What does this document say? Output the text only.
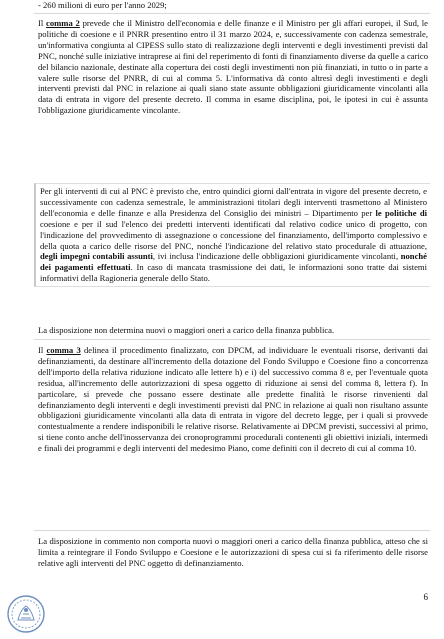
- 260 milioni di euro per l'anno 2029;
Il comma 2 prevede che il Ministro dell'economia e delle finanze e il Ministro per gli affari europei, il Sud, le politiche di coesione e il PNRR presentino entro il 31 marzo 2024, e, successivamente con cadenza semestrale, un'informativa congiunta al CIPESS sullo stato di realizzazione degli interventi e degli investimenti previsti dal PNC, nonché sulle iniziative intraprese ai fini del reperimento di fonti di finanziamento diverse da quelle a carico del bilancio nazionale, destinate alla copertura dei costi degli investimenti non più finanziati, in tutto o in parte a valere sulle risorse del PNRR, di cui al comma 5. L'informativa dà conto altresì degli investimenti e degli interventi previsti dal PNC in relazione ai quali siano state assunte obbligazioni giuridicamente vincolanti alla data di entrata in vigore del presente decreto. Il comma in esame disciplina, poi, le ipotesi in cui è assunta l'obbligazione giuridicamente vincolante.
Per gli interventi di cui al PNC è previsto che, entro quindici giorni dall'entrata in vigore del presente decreto, e successivamente con cadenza semestrale, le amministrazioni titolari degli interventi trasmettono al Ministero dell'economia e delle finanze e alla Presidenza del Consiglio dei ministri – Dipartimento per le politiche di coesione e per il sud l'elenco dei predetti interventi identificati dal relativo codice unico di progetto, con l'indicazione del provvedimento di assegnazione o concessione del finanziamento, dell'importo complessivo e della quota a carico delle risorse del PNC, nonché l'indicazione del relativo stato procedurale di attuazione, degli impegni contabili assunti, ivi inclusa l'indicazione delle obbligazioni giuridicamente vincolanti, nonché dei pagamenti effettuati. In caso di mancata trasmissione dei dati, le informazioni sono tratte dai sistemi informativi della Ragioneria generale dello Stato.
La disposizione non determina nuovi o maggiori oneri a carico della finanza pubblica.
Il comma 3 delinea il procedimento finalizzato, con DPCM, ad individuare le eventuali risorse, derivanti dai definanziamenti, da destinare all'incremento della dotazione del Fondo Sviluppo e Coesione fino a concorrenza dell'importo della relativa riduzione indicato alle lettere h) e i) del successivo comma 8 e, per l'eventuale quota residua, all'incremento delle autorizzazioni di spesa oggetto di riduzione ai sensi del comma 8, lettera f). In particolare, si prevede che possano essere destinate alle predette finalità le risorse rinvenienti dal definanziamento degli interventi e degli investimenti previsti dal PNC in relazione ai quali non risultano assunte obbligazioni giuridicamente vincolanti alla data di entrata in vigore del decreto legge, per i quali si provvede contestualmente a rendere indisponibili le relative risorse. Relativamente ai DPCM previsti, successivi al primo, si tiene conto anche dell'inosservanza dei cronoprogrammi procedurali contenenti gli obiettivi iniziali, intermedi e finali dei programmi e degli interventi del medesimo Piano, come definiti con il decreto di cui al comma 10.
La disposizione in commento non comporta nuovi o maggiori oneri a carico della finanza pubblica, atteso che si limita a reintegrare il Fondo Sviluppo e Coesione e le autorizzazioni di spesa cui si fa riferimento delle risorse relative agli interventi del PNC oggetto di definanziamento.
6
